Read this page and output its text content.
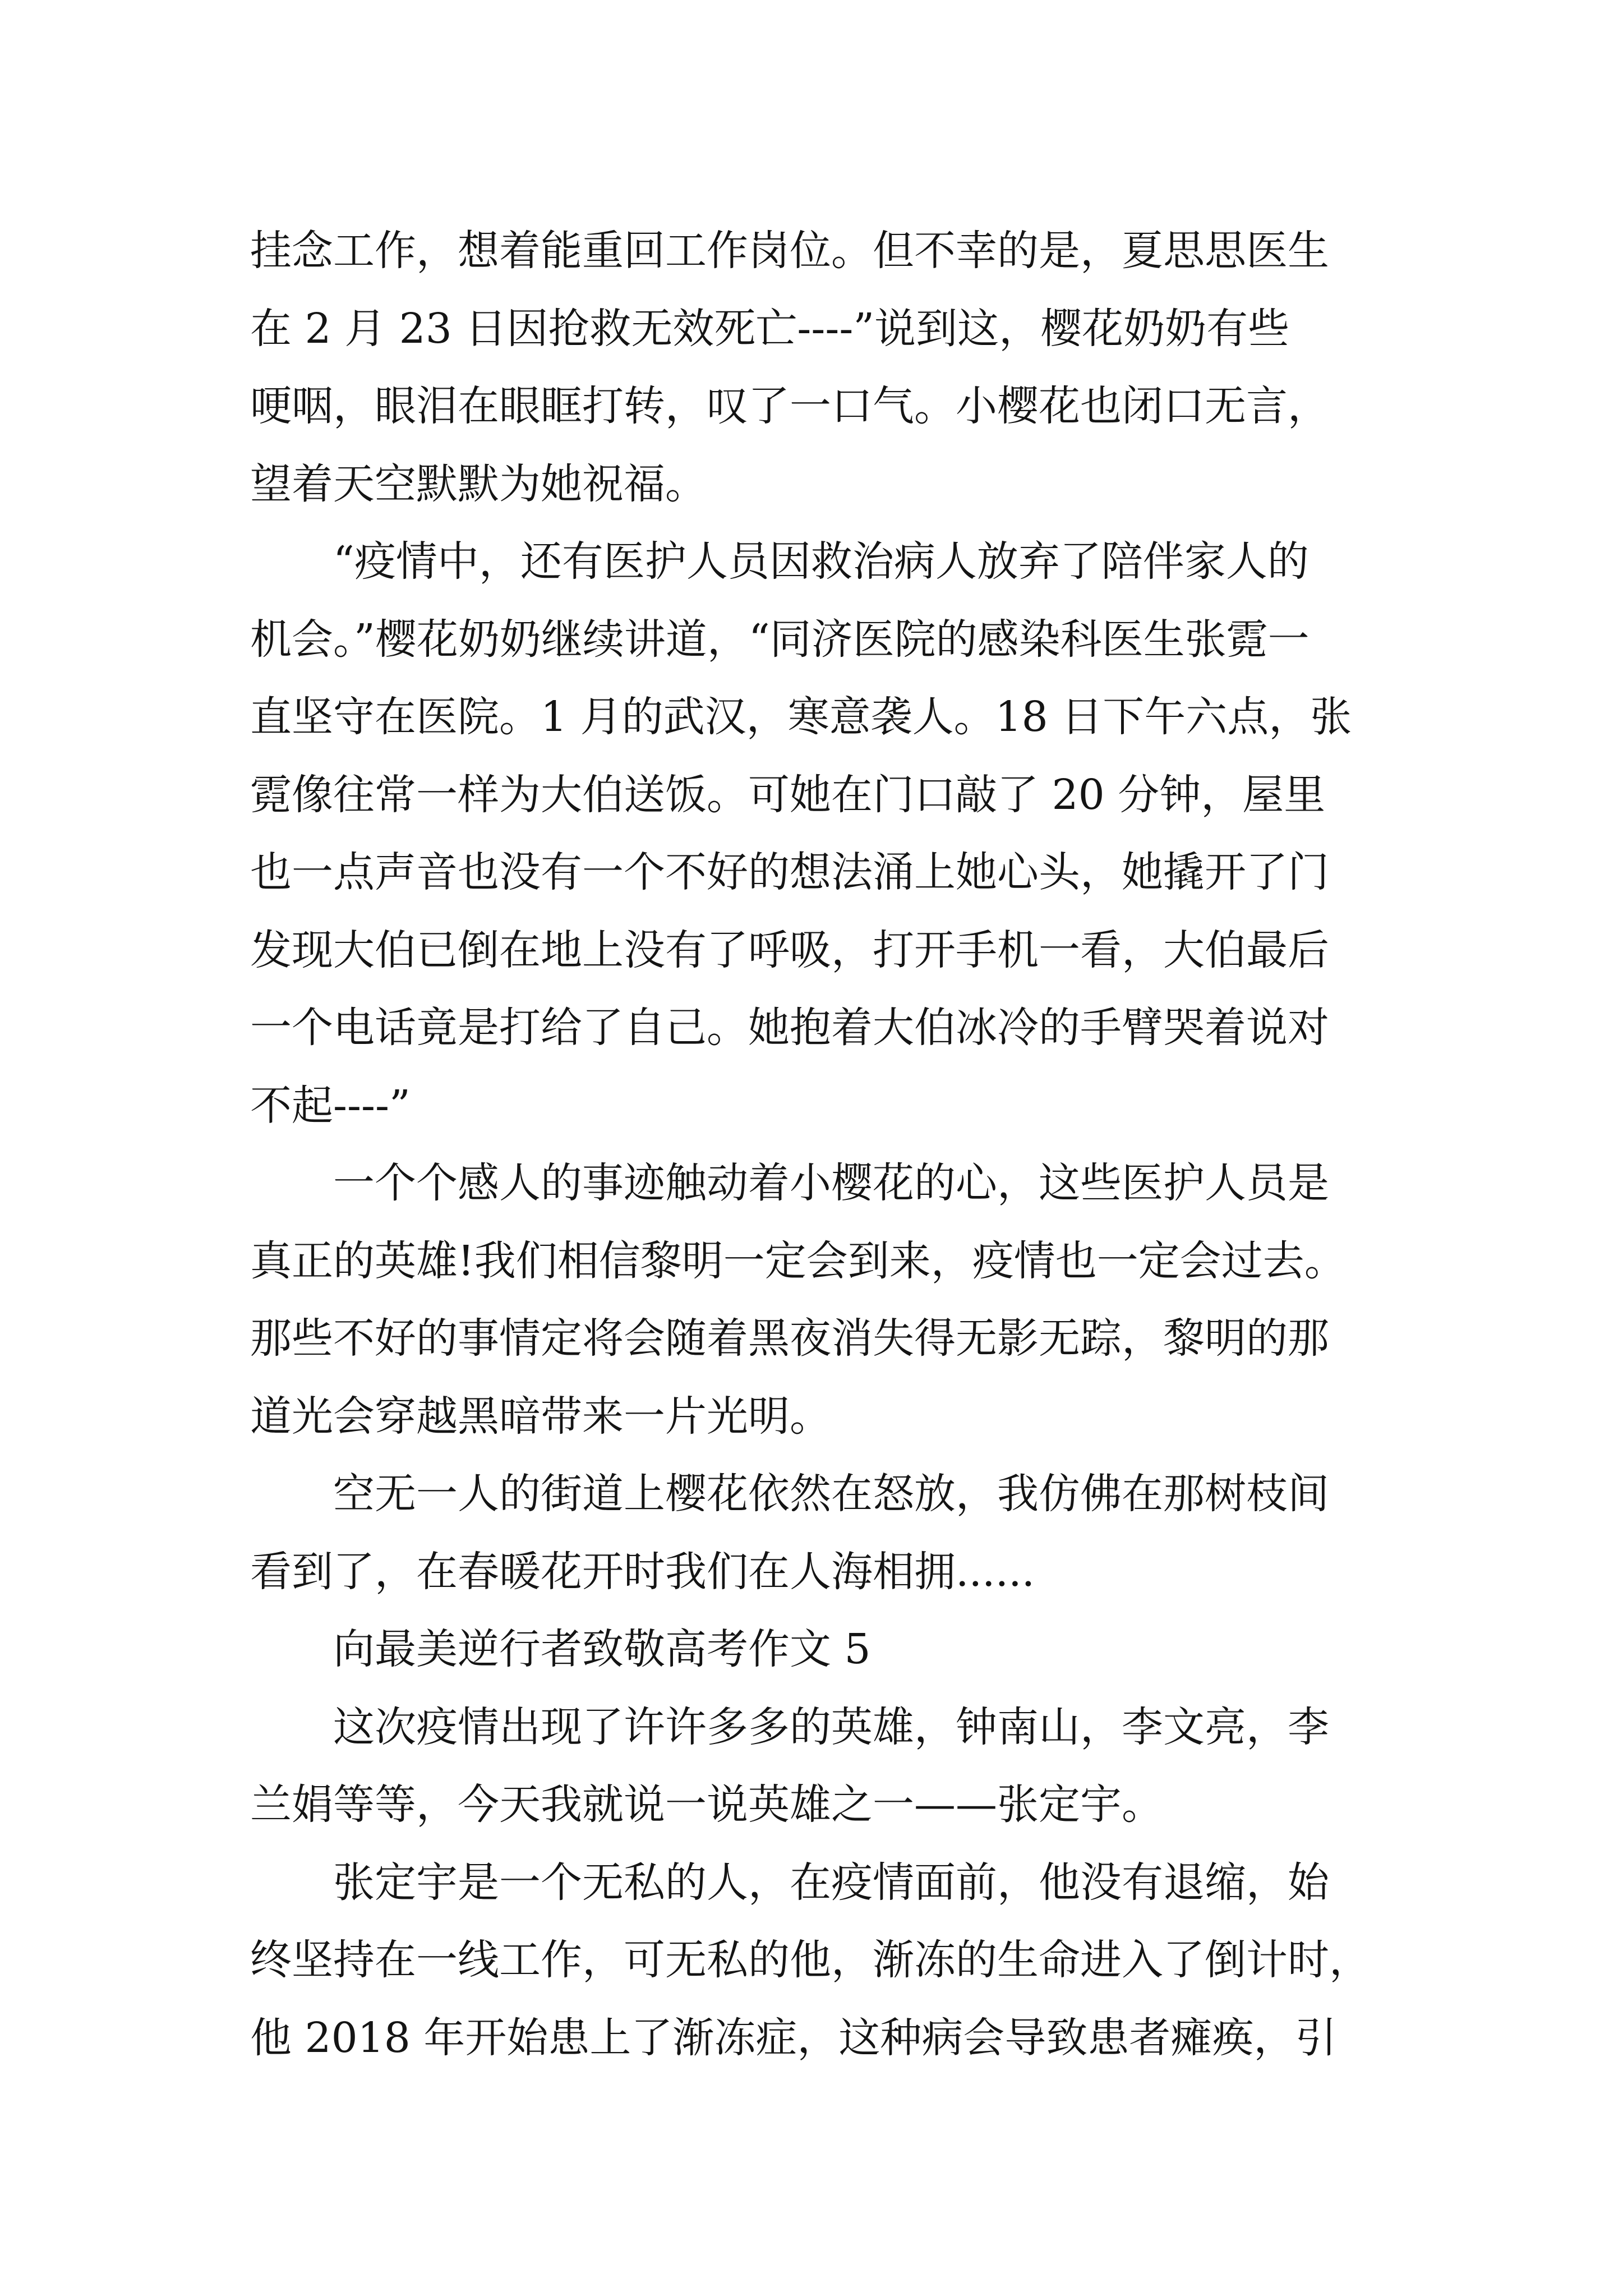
挂念工作，想着能重回工作岗位。但不幸的是，夏思思医生
在 2 月 23 日因抢救无效死亡----”说到这，樱花奶奶有些
哽咽，眼泪在眼眶打转，叹了一口气。小樱花也闭口无言，
望着天空默默为她祝福。
“疫情中，还有医护人员因救治病人放弃了陪伴家人的
机会。”樱花奶奶继续讲道，“同济医院的感染科医生张霓一
直坚守在医院。1 月的武汉，寒意袭人。18 日下午六点，张
霓像往常一样为大伯送饭。可她在门口敲了 20 分钟，屋里
也一点声音也没有一个不好的想法涌上她心头，她撬开了门
发现大伯已倒在地上没有了呼吸，打开手机一看，大伯最后
一个电话竟是打给了自己。她抱着大伯冰冷的手臂哭着说对
不起----”
一个个感人的事迹触动着小樱花的心，这些医护人员是
真正的英雄!我们相信黎明一定会到来，疫情也一定会过去。
那些不好的事情定将会随着黑夜消失得无影无踪，黎明的那
道光会穿越黑暗带来一片光明。
空无一人的街道上樱花依然在怒放，我仿佛在那树枝间
看到了，在春暖花开时我们在人海相拥......
向最美逆行者致敬高考作文 5
这次疫情出现了许许多多的英雄，钟南山，李文亮，李
兰娟等等，今天我就说一说英雄之一——张定宇。
张定宇是一个无私的人，在疫情面前，他没有退缩，始
终坚持在一线工作，可无私的他，渐冻的生命进入了倒计时，
他 2018 年开始患上了渐冻症，这种病会导致患者瘫痪，引
